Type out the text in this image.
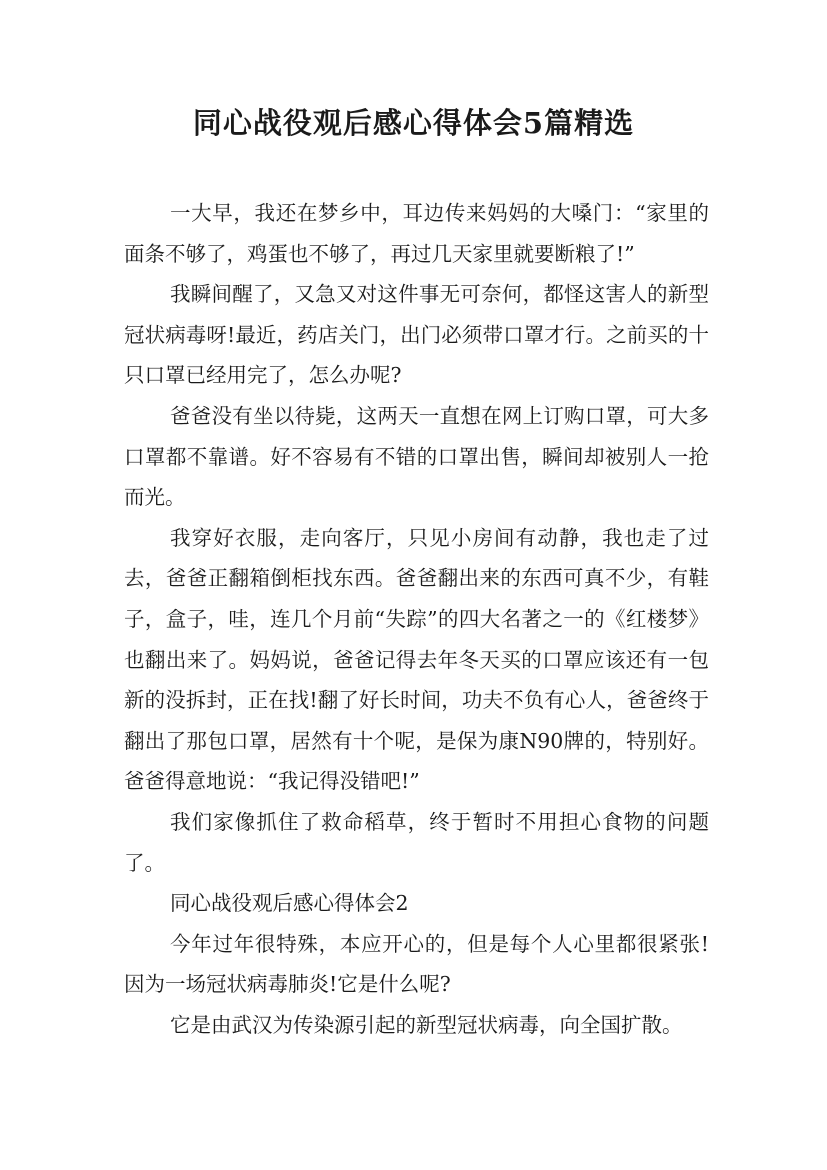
同心战役观后感心得体会5篇精选

一大早，我还在梦乡中，耳边传来妈妈的大嗓门：“家里的面条不够了，鸡蛋也不够了，再过几天家里就要断粮了!”

我瞬间醒了，又急又对这件事无可奈何，都怪这害人的新型冠状病毒呀!最近，药店关门，出门必须带口罩才行。之前买的十只口罩已经用完了，怎么办呢?

爸爸没有坐以待毙，这两天一直想在网上订购口罩，可大多口罩都不靠谱。好不容易有不错的口罩出售，瞬间却被别人一抢而光。

我穿好衣服，走向客厅，只见小房间有动静，我也走了过去，爸爸正翻箱倒柜找东西。爸爸翻出来的东西可真不少，有鞋子，盒子，哇，连几个月前“失踪”的四大名著之一的《红楼梦》也翻出来了。妈妈说，爸爸记得去年冬天买的口罩应该还有一包新的没拆封，正在找!翻了好长时间，功夫不负有心人，爸爸终于翻出了那包口罩，居然有十个呢，是保为康N90牌的，特别好。爸爸得意地说：“我记得没错吧!”

我们家像抓住了救命稻草，终于暂时不用担心食物的问题了。

同心战役观后感心得体会2

今年过年很特殊，本应开心的，但是每个人心里都很紧张!因为一场冠状病毒肺炎!它是什么呢?

它是由武汉为传染源引起的新型冠状病毒，向全国扩散。
